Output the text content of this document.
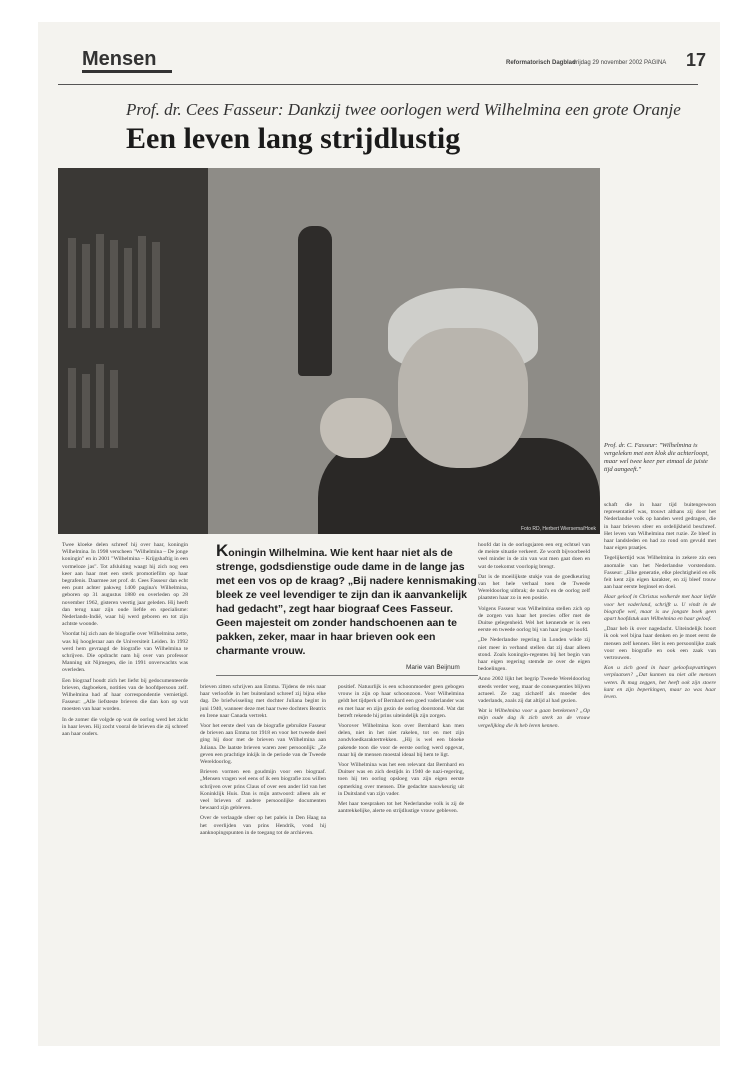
Mensen	Reformatorisch Dagblad
vrijdag 29 november 2002 PAGINA 17
Prof. dr. Cees Fasseur: Dankzij twee oorlogen werd Wilhelmina een grote Oranje
Een leven lang strijdlustig
Foto RD, Herbert Wiersema/Hoek
Prof. dr. C. Fasseur: "Wilhelmina is vergeleken met een klok die achterloopt, maar wel twee keer per etmaal de juiste tijd aangeeft."
Koningin Wilhelmina. Wie kent haar niet als de strenge, godsdienstige oude dame in de lange jas met een vos op de kraag? „Bij nadere kennismaking bleek ze veel levendiger te zijn dan ik aanvankelijk had gedacht”, zegt haar biograaf Cees Fasseur. Geen majesteit om zonder handschoenen aan te pakken, zeker, maar in haar brieven ook een charmante vrouw.
Marie van Beijnum

Twee kloeke delen schreef hij over haar, koningin Wilhelmina. In 1998 verscheen "Wilhelmina – De jonge koningin" en in 2001 "Wilhelmina – Krijgshaftig in een vormeloze jas". Tot afsluiting waagt hij zich nog een keer aan haar met een sterk promotiefilm op haar begrafenis. Daarmee zet prof. dr. Cees Fasseur dan echt een punt achter pakweg 1400 pagina's Wilhelmina, geboren op 31 augustus 1880 en overleden op 28 november 1962, gisteren veertig jaar geleden. Hij heeft dan terug naar zijn oude liefde en specialisme: Nederlands-Indië, waar hij werd geboren en tot zijn achtste woonde.

Voordat hij zich aan de biografie over Wilhelmina zette, was hij hoogleraar aan de Universiteit Leiden. In 1992 werd hem gevraagd de biografie van Wilhelmina te schrijven. Die opdracht nam hij over van professor Manning uit Nijmegen, die in 1991 onverwachts was overleden.

Een biograaf houdt zich het liefst bij gedocumenteerde brieven, dagboeken, notities van de hoofdpersoon zelf. Wilhelmina had af haar correspondentie vernietigd. Fasseur: „Alle liefsteste brieven die dan kon op wat moesten van haar worden.

In de zomer die volgde op wat de oorlog werd het zicht in haar leven. Hij zocht vooral de brieven die zij schreef aan haar ouders.

brieven zitten schrijven aan Emma. Tijdens de reis naar haar verloofde in het buitenland schreef zij bijna elke dag. De briefwisseling met dochter Juliana begint in juni 1940, wanneer deze met haar twee dochters Beatrix en Irene naar Canada vertrekt.

Voor het eerste deel van de biografie gebruikte Fasseur de brieven aan Emma tot 1918 en voor het tweede deel ging hij door met de brieven van Wilhelmina aan Juliana. De laatste brieven waren zeer persoonlijk: „Ze geven een prachtige inkijk in de periode van de Tweede Wereldoorlog.

Brieven vormen een goudmijn voor een biograaf. „Mensen vragen wel eens of ik een biografie zou willen schrijven over prins Claus of over een ander lid van het Koninklijk Huis. Dan is mijn antwoord: alleen als er veel brieven of andere persoonlijke documenten bewaard zijn gebleven.

Over de verlaagde sfeer op het paleis in Den Haag na het overlijden van prins Hendrik, vond hij aanknopingspunten in de toegang tot de archieven.

positief. Natuurlijk is een schoonmoeder geen gebogen vrouw in zijn op haar schoonzoon. Voor Wilhelmina geldt het tijdperk of Bernhard een goed vaderlander was en met haar en zijn gezin de oorlog doorstond. Wat dat betreft rekende hij prins uiteindelijk zijn zorgen.

Voorover Wilhelmina kon over Bernhard kan men delen, niet in het niet rakelen, tot en met zijn zondvloedkaraktertrekken. „Hij is wel een bloeke pakende toon die voor de eerste oorlog werd opgevat, maar hij de mensen moestal ideaal bij hem te ligt.

Voor Wilhelmina was het een relevant dat Bernhard en Duitser was en zich destijds in 1940 de nazi-regering, toen hij ten oorlog opsloeg van zijn eigen eerste opmerking over mensen. Die gedachte nauwkeurig uit in Duitsland van zijn vader.

Met haar toespraken tot het Nederlandse volk is zij de aantrekkelijke, alerte en strijdlustige vrouw gebleven.

hoofd dat in de oorlogsjaren een erg echtsel van de meiste situatie verkeert. Ze wordt bijvoorbeeld veel minder in de zin van wat men gaat doen en wat de toekomst voorlopig brengt.

Dat is de moeilijkste stukje van de goedkeuring van het hele verhaal toen de Tweede Wereldoorlog uitbrak; de nazi's en de oorlog zelf plaatsten haar zo in een positie.

Volgens Fasseur was Wilhelmina stellen zich op de zorgen van haar het precies offer met de Duitse gelegenheid. Wel het kennende er is een eerste en tweede oorlog bij van haar jonge hoofd.

„De Nederlandse regering in Londen wilde zij niet meer in verband stellen dat zij daar alleen stond. Zoals koningin-regentes bij het begin van haar eigen regering stemde ze over de eigen bedoelingen.

Anno 2002 lijkt het begrip Tweede Wereldoorlog steeds verder weg, maar de consequenties blijven actueel. Ze zag zichzelf als moeder des vaderlands, zoals zij dat altijd al had gezien.

Wat is Wilhelmina voor u gaan betekenen? „Op mijn oude dag ik zich sterk zo de vrouw vergelijking die ik heb leren kennen.

schaft die in haar tijd buitengewoon representatief was, trouwt althans zij door het Nederlandse volk op handen werd gedragen, die in haar brieven sfeer en ordelijkheid beschreef. Het leven van Wilhelmina met ruzie. Ze bleef in haar landsleden en had zo rond om gevuld met haar eigen praatjes.

Tegelijkertijd was Wilhelmina in zekere zin een anomalie van het Nederlandse vorstendom. Fasseur: „Elke generatie, elke plechtigheid en elk feit kent zijn eigen karakter, en zij bleef trouw aan haar eerste beginsel en doel.

Haar geloof in Christus wolkerde met haar liefde voor het vaderland, schrijft u. U vindt in de biografie wel, maar is uw jongste boek geen apart hoofdstuk aan Wilhelmina en haar geloof.

„Daar heb ik over nagedacht. Uiteindelijk hoort ik ook wel bijna haar denken en je moet eerst de mensen zelf kennen. Het is een persoonlijke zaak voor een biografie en ook een zaak van vertrouwen.

Kon u zich goed in haar geloofsopvattingen verplaatsen? „Dat kunnen nu niet alle mensen weten. Ik mag zeggen, het heeft ook zijn stoere kant en zijn beperkingen, maar zo was haar leven.
